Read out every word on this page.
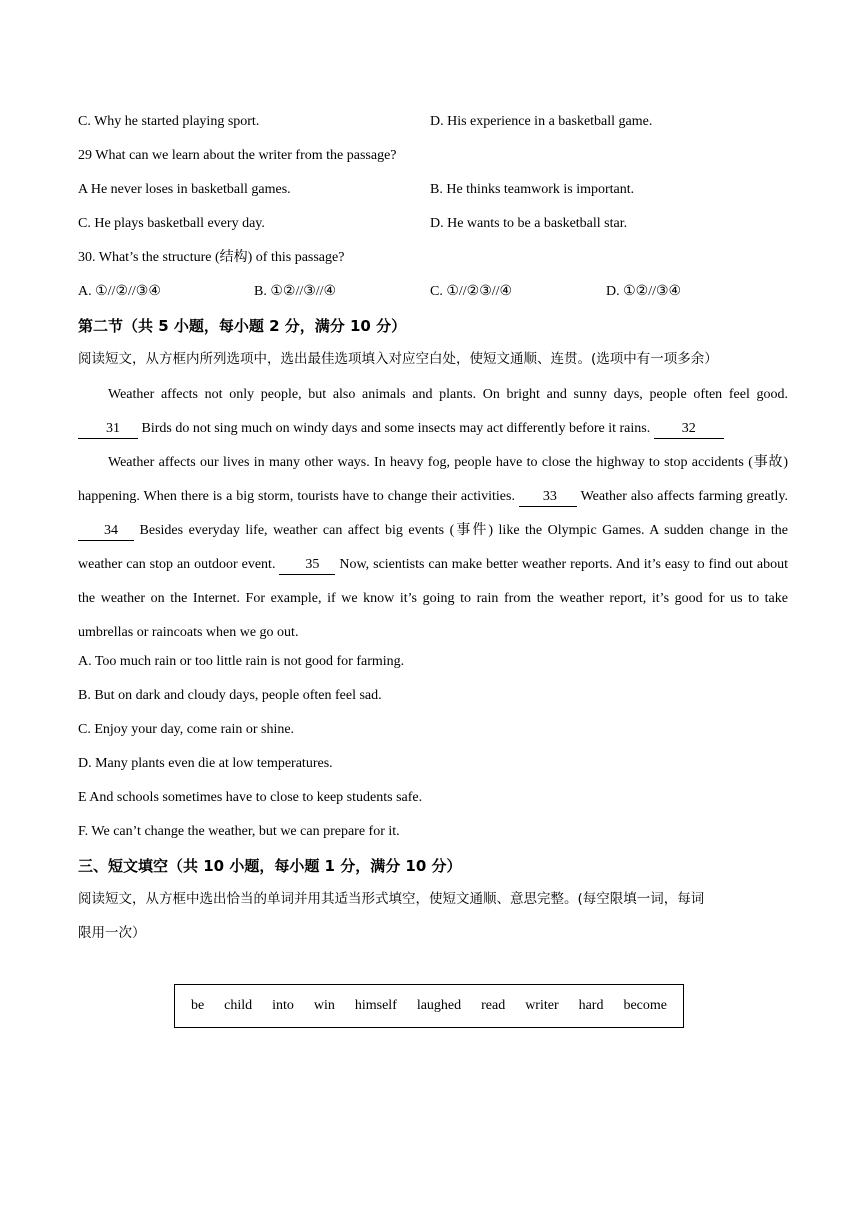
C. Why he started playing sport.	D. His experience in a basketball game.
29 What can we learn about the writer from the passage?
A He never loses in basketball games.	B. He thinks teamwork is important.
C. He plays basketball every day.	D. He wants to be a basketball star.
30. What’s the structure (结构) of this passage?
A. ①//②//③④	B. ①②//③//④	C. ①//②③//④	D. ①②//③④
第二节（共 5 小题，每小题 2 分，满分 10 分）
阅读短文，从方框内所列选项中，选出最佳选项填入对应空白处，使短文通顺、连贯。(选项中有一项多余）

Weather affects not only people, but also animals and plants. On bright and sunny days, people often feel good. 31 Birds do not sing much on windy days and some insects may act differently before it rains. 32

Weather affects our lives in many other ways. In heavy fog, people have to close the highway to stop accidents (事故) happening. When there is a big storm, tourists have to change their activities. 33 Weather also affects farming greatly. 34 Besides everyday life, weather can affect big events (事件) like the Olympic Games. A sudden change in the weather can stop an outdoor event. 35 Now, scientists can make better weather reports. And it’s easy to find out about the weather on the Internet. For example, if we know it’s going to rain from the weather report, it’s good for us to take umbrellas or raincoats when we go out.

A. Too much rain or too little rain is not good for farming.
B. But on dark and cloudy days, people often feel sad.
C. Enjoy your day, come rain or shine.
D. Many plants even die at low temperatures.
E And schools sometimes have to close to keep students safe.
F. We can’t change the weather, but we can prepare for it.
三、短文填空（共 10 小题，每小题 1 分，满分 10 分）
阅读短文，从方框中选出恰当的单词并用其适当形式填空，使短文通顺、意思完整。(每空限填一词，每词
限用一次）
be child into win himself laughed read writer hard become
